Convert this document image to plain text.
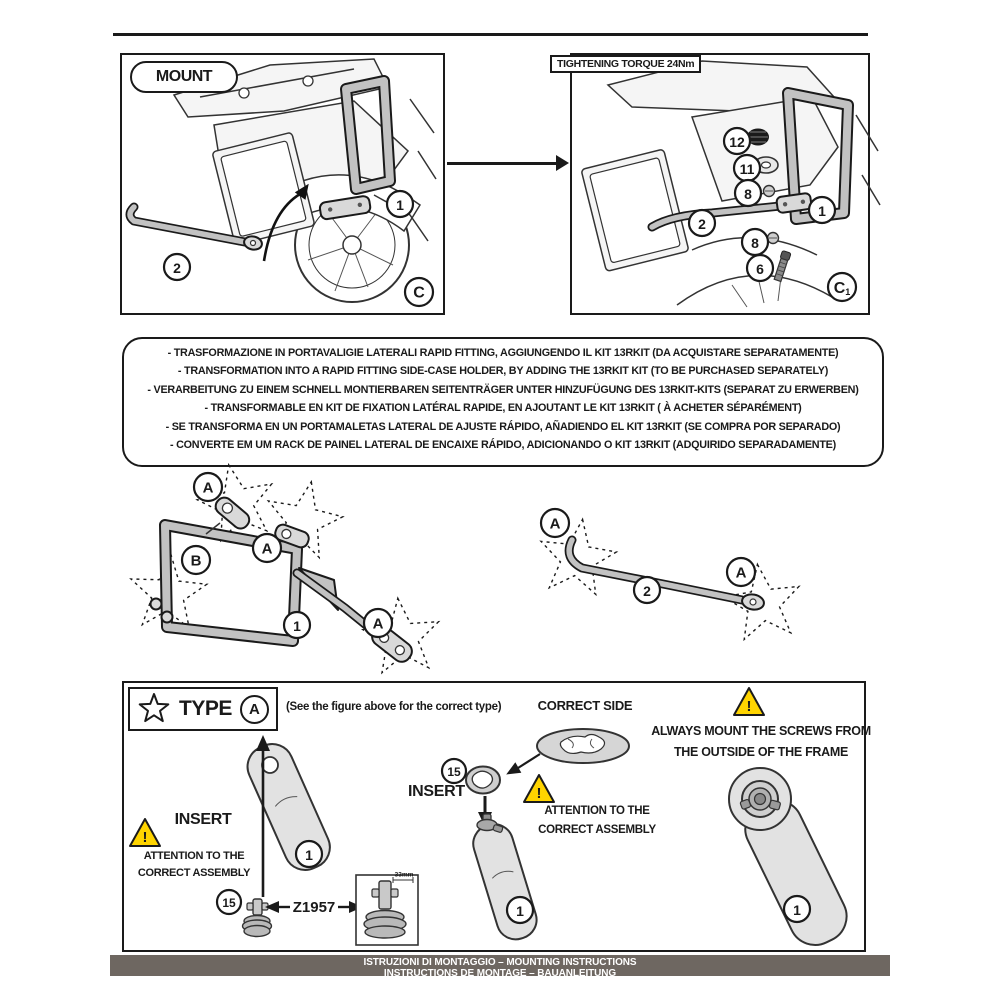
2
1
C
MOUNT
12
11
8
2
1
8
6
$C_1$
TIGHTENING TORQUE 24Nm
- TRASFORMAZIONE IN PORTAVALIGIE LATERALI RAPID FITTING, AGGIUNGENDO IL KIT 13RKIT (DA ACQUISTARE SEPARATAMENTE)
- TRANSFORMATION INTO A RAPID FITTING SIDE-CASE HOLDER, BY ADDING THE 13RKIT KIT (TO BE PURCHASED SEPARATELY)
- VERARBEITUNG ZU EINEM SCHNELL MONTIERBAREN SEITENTRÄGER UNTER HINZUFÜGUNG DES 13RKIT-KITS (SEPARAT ZU ERWERBEN)
- TRANSFORMABLE EN KIT DE FIXATION LATÉRAL RAPIDE, EN AJOUTANT LE KIT 13RKIT ( À ACHETER SÉPARÉMENT)
- SE TRANSFORMA EN UN PORTAMALETAS LATERAL DE AJUSTE RÁPIDO, AÑADIENDO EL KIT 13RKIT (SE COMPRA POR SEPARADO)
- CONVERTE EM UM RACK DE PAINEL LATERAL DE ENCAIXE RÁPIDO, ADICIONANDO O KIT 13RKIT (ADQUIRIDO SEPARADAMENTE)
A
B
A
1	A
A
2
A
1
15	Z1957
33mm
15
1
!
!
!
1
TYPE	A	(See the figure above for the correct type)	CORRECT SIDE
ALWAYS MOUNT THE SCREWS FROM
THE OUTSIDE OF THE FRAME
INSERT
ATTENTION TO THE
CORRECT ASSEMBLY
INSERT
ATTENTION TO THE
CORRECT ASSEMBLY
ISTRUZIONI DI MONTAGGIO – MOUNTING INSTRUCTIONS
INSTRUCTIONS DE MONTAGE – BAUANLEITUNG
